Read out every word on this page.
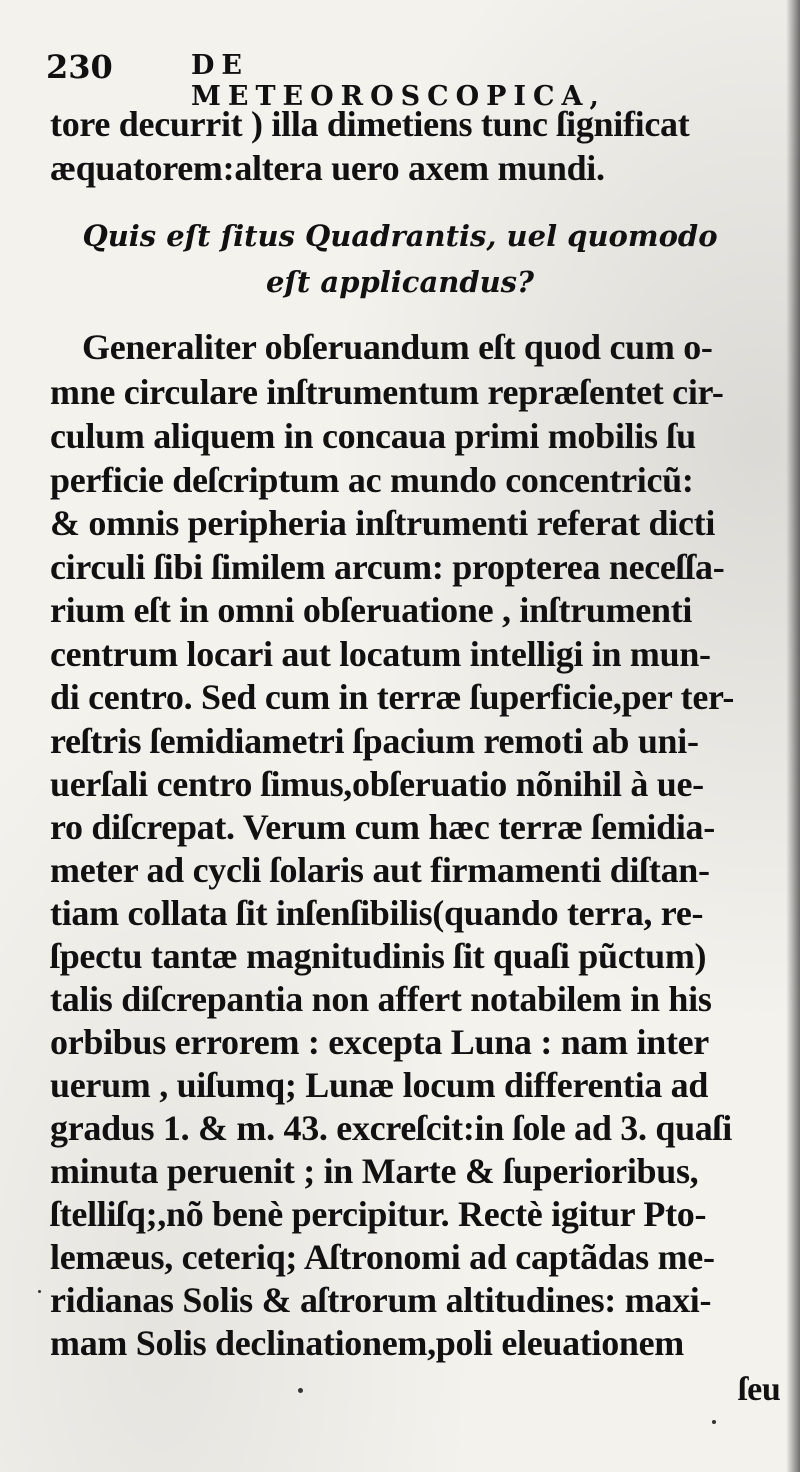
230	DE METEOROSCOPICA,
tore decurrit ) illa dimetiens tunc ſignificat
æquatorem:altera uero axem mundi.
Quis eſt ſitus Quadrantis, uel quomodo
eſt applicandus?
Generaliter obſeruandum eſt quod cum o-
mne circulare inſtrumentum repræſentet cir-
culum aliquem in concaua primi mobilis ſu
perficie deſcriptum ac mundo concentricũ:
& omnis peripheria inſtrumenti referat dicti
circuli ſibi ſimilem arcum: propterea neceſſa-
rium eſt in omni obſeruatione , inſtrumenti
centrum locari aut locatum intelligi in mun-
di centro. Sed cum in terræ ſuperficie,per ter-
reſtris ſemidiametri ſpacium remoti ab uni-
uerſali centro ſimus,obſeruatio nõnihil à ue-
ro diſcrepat. Verum cum hæc terræ ſemidia-
meter ad cycli ſolaris aut firmamenti diſtan-
tiam collata ſit inſenſibilis(quando terra, re-
ſpectu tantæ magnitudinis ſit quaſi pũctum)
talis diſcrepantia non affert notabilem in his
orbibus errorem : excepta Luna : nam inter
uerum , uiſumq; Lunæ locum differentia ad
gradus 1. & m. 43. excreſcit:in ſole ad 3. quaſi
minuta peruenit ; in Marte & ſuperioribus,
ſtelliſq;,nõ benè percipitur. Rectè igitur Pto-
lemæus, ceteriq; Aſtronomi ad captãdas me-
ridianas Solis & aſtrorum altitudines: maxi-
mam Solis declinationem,poli eleuationem
ſeu
